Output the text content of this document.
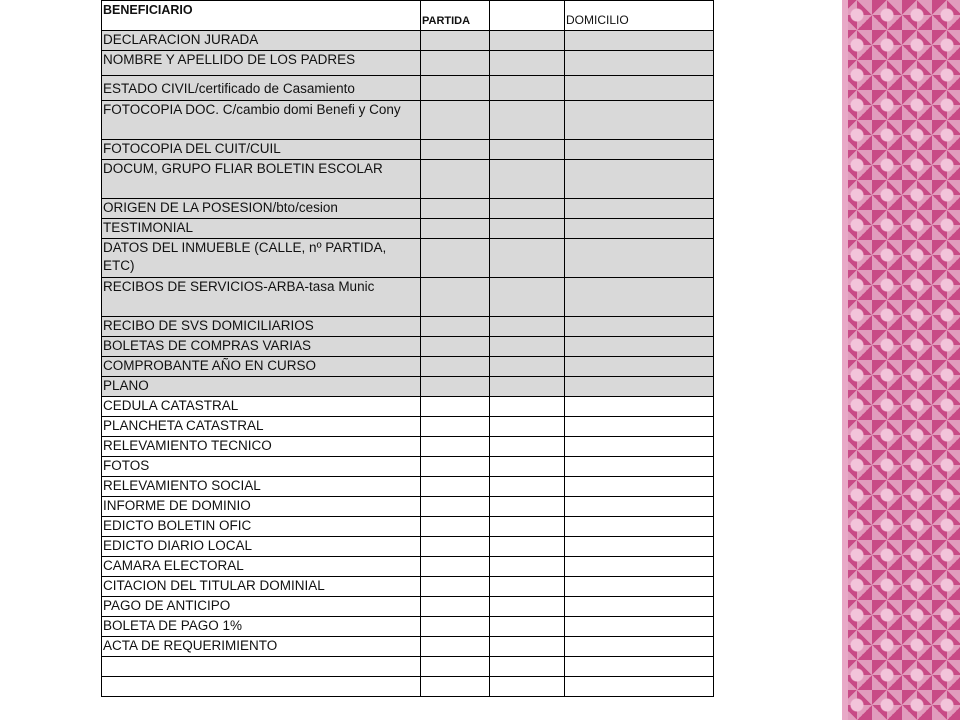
BENEFICIARIO	PARTIDA		DOMICILIO
DECLARACION JURADA			
NOMBRE Y APELLIDO DE LOS PADRES			
ESTADO CIVIL/certificado de Casamiento			
FOTOCOPIA DOC. C/cambio domi Benefi y Cony			
FOTOCOPIA DEL CUIT/CUIL			
DOCUM, GRUPO FLIAR BOLETIN ESCOLAR			
ORIGEN DE LA POSESION/bto/cesion			
TESTIMONIAL			
DATOS DEL INMUEBLE (CALLE, nº PARTIDA, ETC)			
RECIBOS DE SERVICIOS-ARBA-tasa Munic			
RECIBO DE SVS DOMICILIARIOS			
BOLETAS DE COMPRAS VARIAS			
COMPROBANTE AÑO EN CURSO			
PLANO			
CEDULA CATASTRAL			
PLANCHETA CATASTRAL			
RELEVAMIENTO TECNICO			
FOTOS			
RELEVAMIENTO SOCIAL			
INFORME DE DOMINIO			
EDICTO BOLETIN OFIC			
EDICTO DIARIO LOCAL			
CAMARA ELECTORAL			
CITACION DEL TITULAR DOMINIAL			
PAGO DE ANTICIPO			
BOLETA DE PAGO 1%			
ACTA DE REQUERIMIENTO			
